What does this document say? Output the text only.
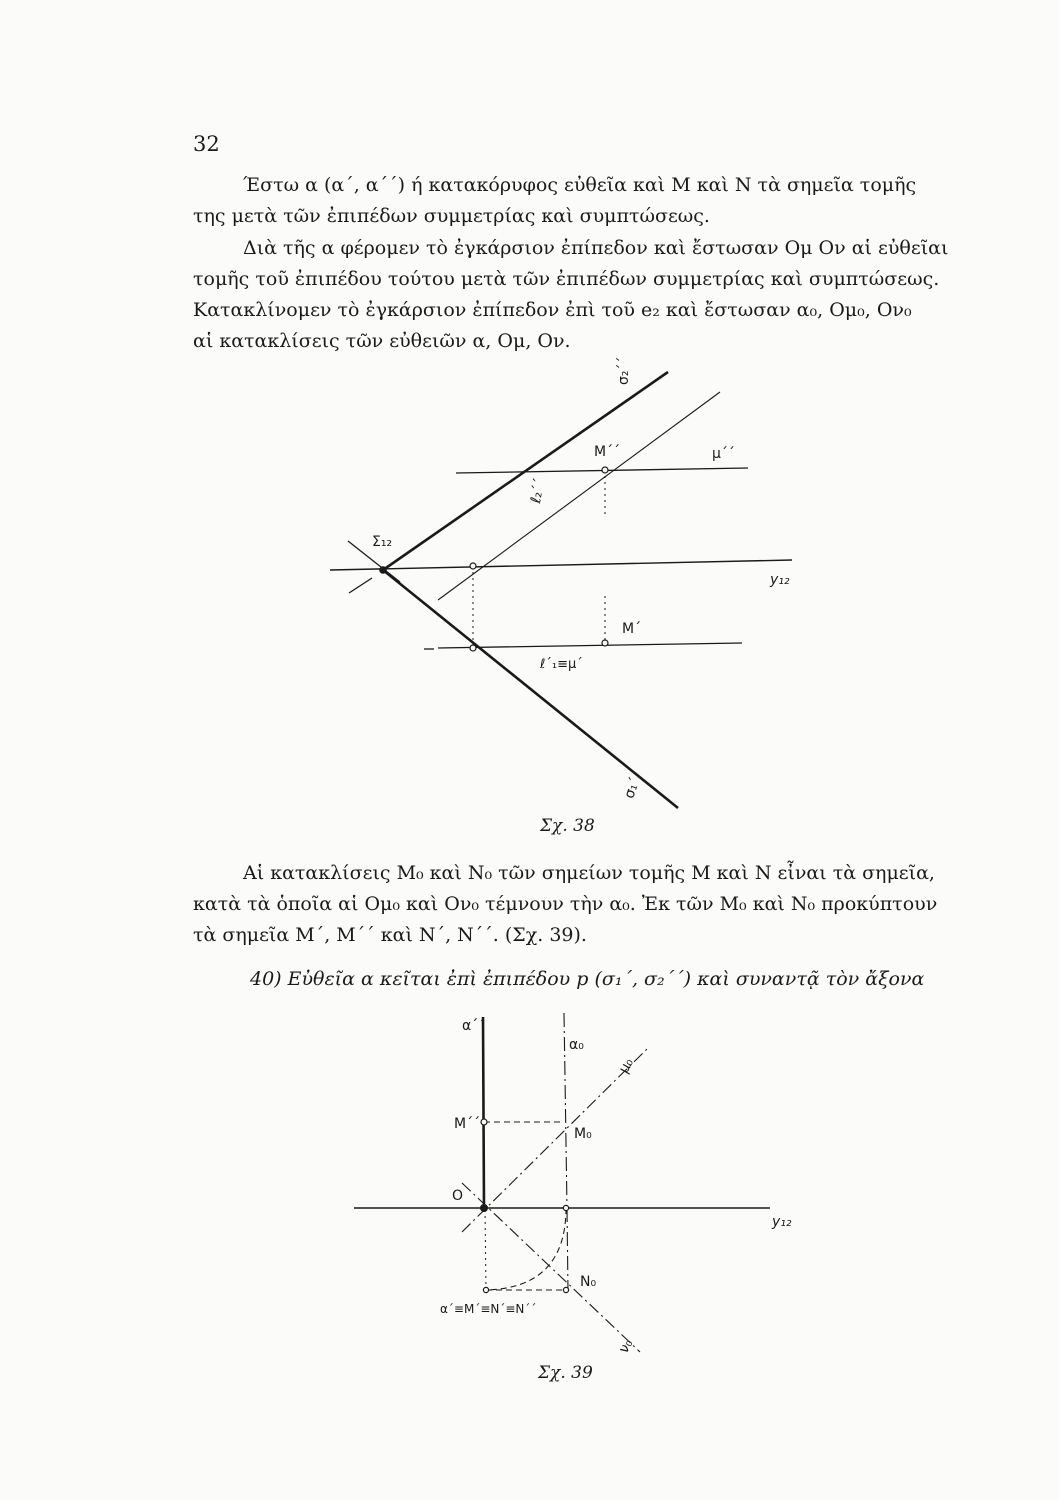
32
Έστω α (α΄, α΄΄) ή κατακόρυφος εὐθεῖα καὶ Μ καὶ Ν τὰ σημεῖα τομῆς
της μετὰ τῶν ἐπιπέδων συμμετρίας καὶ συμπτώσεως.
Διὰ τῆς α φέρομεν τὸ ἐγκάρσιον ἐπίπεδον καὶ ἔστωσαν Ομ Ον αἱ εὐθεῖαι
τομῆς τοῦ ἐπιπέδου τούτου μετὰ τῶν ἐπιπέδων συμμετρίας καὶ συμπτώσεως.
Κατακλίνομεν τὸ ἐγκάρσιον ἐπίπεδον ἐπὶ τοῦ e₂ καὶ ἔστωσαν α₀, Ομ₀, Ον₀
αἱ κατακλίσεις τῶν εὐθειῶν α, Ομ, Ον.
Σ₁₂
σ₂΄΄
σ₁΄
Μ΄΄	μ΄΄
Μ΄
ℓ₂΄΄
ℓ΄₁≡μ΄
y₁₂
Σχ. 38
Αἱ κατακλίσεις Μ₀ καὶ Ν₀ τῶν σημείων τομῆς Μ καὶ Ν εἶναι τὰ σημεῖα,
κατὰ τὰ ὁποῖα αἱ Ομ₀ καὶ Ον₀ τέμνουν τὴν α₀. Ἐκ τῶν Μ₀ καὶ Ν₀ προκύπτουν
τὰ σημεῖα Μ΄, Μ΄΄ καὶ Ν΄, Ν΄΄. (Σχ. 39).
40) Εὐθεῖα α κεῖται ἐπὶ ἐπιπέδου p (σ₁΄, σ₂΄΄) καὶ συναντᾷ τὸν ἄξονα
α΄΄
α₀
μ₀
Μ΄΄
Μ₀
Ο
y₁₂
Ν₀
ν₀
α΄≡Μ΄≡Ν΄≡Ν΄΄
Σχ. 39
